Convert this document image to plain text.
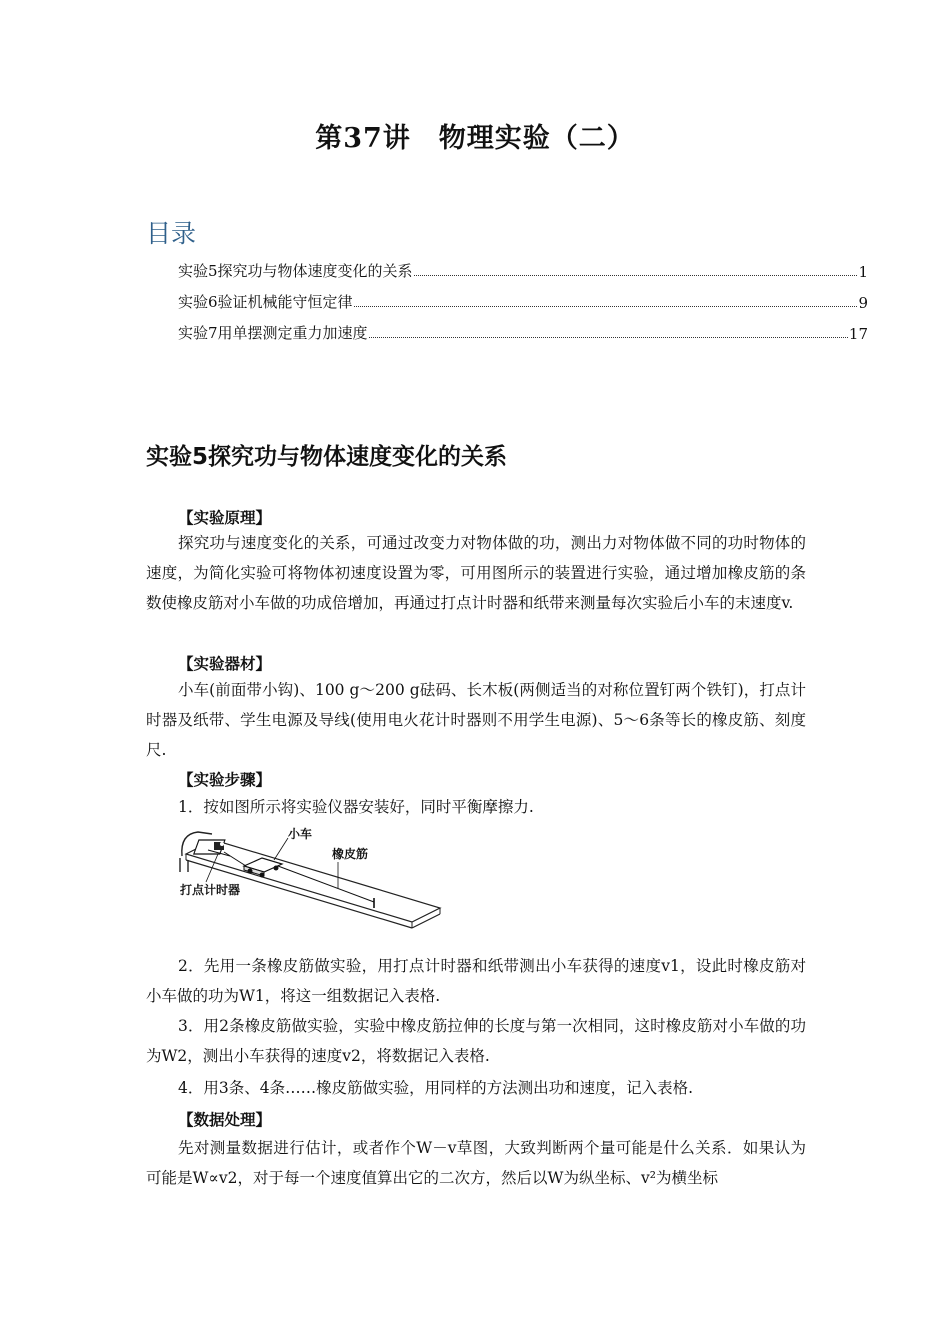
第37讲　物理实验（二）
目录
实验5探究功与物体速度变化的关系	1
实验6验证机械能守恒定律	9
实验7用单摆测定重力加速度	17
实验5探究功与物体速度变化的关系
【实验原理】
探究功与速度变化的关系，可通过改变力对物体做的功，测出力对物体做不同的功时物体的速度，为简化实验可将物体初速度设置为零，可用图所示的装置进行实验，通过增加橡皮筋的条数使橡皮筋对小车做的功成倍增加，再通过打点计时器和纸带来测量每次实验后小车的末速度v.
【实验器材】
小车(前面带小钩)、100 g～200 g砝码、长木板(两侧适当的对称位置钉两个铁钉)，打点计时器及纸带、学生电源及导线(使用电火花计时器则不用学生电源)、5～6条等长的橡皮筋、刻度尺.
【实验步骤】
1．按如图所示将实验仪器安装好，同时平衡摩擦力.
小车
橡皮筋
打点计时器
2．先用一条橡皮筋做实验，用打点计时器和纸带测出小车获得的速度v1，设此时橡皮筋对小车做的功为W1，将这一组数据记入表格.
3．用2条橡皮筋做实验，实验中橡皮筋拉伸的长度与第一次相同，这时橡皮筋对小车做的功为W2，测出小车获得的速度v2，将数据记入表格.
4．用3条、4条……橡皮筋做实验，用同样的方法测出功和速度，记入表格.
【数据处理】
先对测量数据进行估计，或者作个W－v草图，大致判断两个量可能是什么关系．如果认为可能是W∝v2，对于每一个速度值算出它的二次方，然后以W为纵坐标、v²为横坐标
